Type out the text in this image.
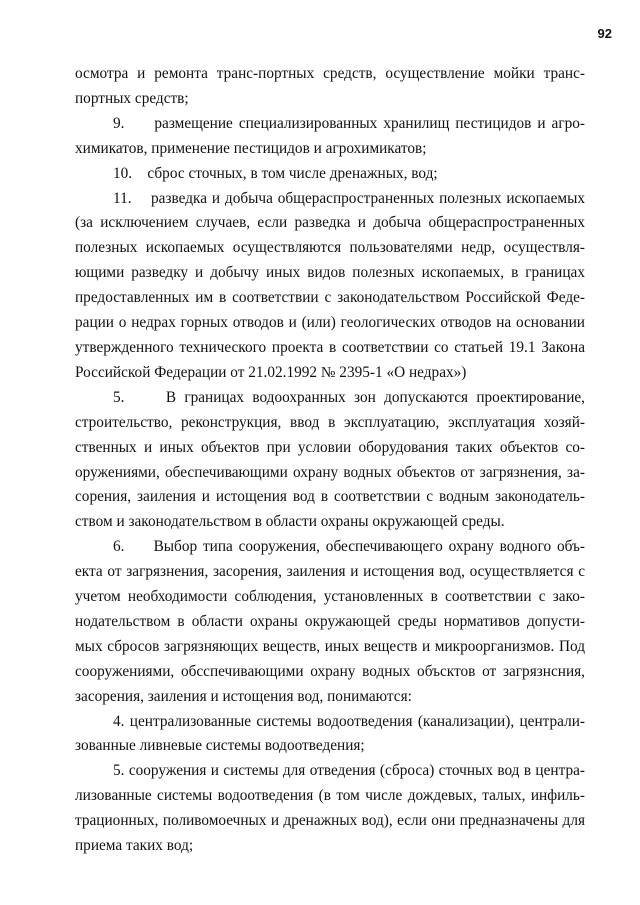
92

осмотра и ремонта транс-портных средств, осуществление мойки транс-портных средств;

9.     размещение специализированных хранилищ пестицидов и агро-химикатов, применение пестицидов и агрохимикатов;

10.    сброс сточных, в том числе дренажных, вод;

11.    разведка и добыча общераспространенных полезных ископаемых (за исключением случаев, если разведка и добыча общераспространенных полезных ископаемых осуществляются пользователями недр, осуществля-ющими разведку и добычу иных видов полезных ископаемых, в границах предоставленных им в соответствии с законодательством Российской Феде-рации о недрах горных отводов и (или) геологических отводов на основании утвержденного технического проекта в соответствии со статьей 19.1 Закона Российской Федерации от 21.02.1992 № 2395-1 «О недрах»)

5.     В границах водоохранных зон допускаются проектирование, строительство, реконструкция, ввод в эксплуатацию, эксплуатация хозяй-ственных и иных объектов при условии оборудования таких объектов со-оружениями, обеспечивающими охрану водных объектов от загрязнения, за-сорения, заиления и истощения вод в соответствии с водным законодатель-ством и законодательством в области охраны окружающей среды.

6.     Выбор типа сооружения, обеспечивающего охрану водного объ-екта от загрязнения, засорения, заиления и истощения вод, осуществляется с учетом необходимости соблюдения, установленных в соответствии с зако-нодательством в области охраны окружающей среды нормативов допусти-мых сбросов загрязняющих веществ, иных веществ и микроорганизмов. Под сооружениями, обсспечивающими охрану водных объсктов от загрязнсния, засорения, заиления и истощения вод, понимаются:

4. централизованные системы водоотведения (канализации), централи-зованные ливневые системы водоотведения;

5. сооружения и системы для отведения (сброса) сточных вод в центра-лизованные системы водоотведения (в том числе дождевых, талых, инфиль-трационных, поливомоечных и дренажных вод), если они предназначены для приема таких вод;
